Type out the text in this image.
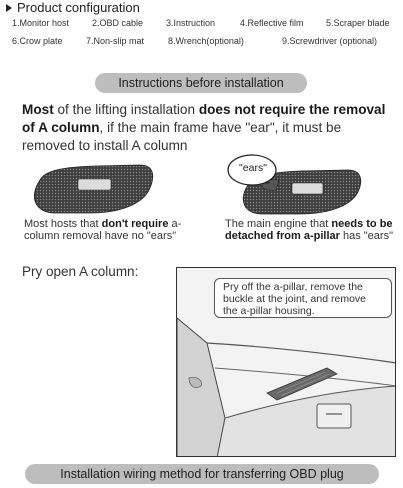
Product configuration
1.Monitor host	2.OBD cable	3.Instruction	4.Reflective film 5.Scraper blade
6.Crow plate	7.Non-slip mat	8.Wrench(optional)	9.Screwdriver (optional)
Instructions before installation
Most of the lifting installation does not require the removal of A column, if the main frame have "ear", it must be removed to install A column
"ears"
Most hosts that don't require a-column removal have no "ears"
The main engine that needs to be detached from a-pillar has "ears"
Pry open A column:
Pry off the a-pillar, remove the buckle at the joint, and remove the a-pillar housing.
Installation wiring method for transferring OBD plug
